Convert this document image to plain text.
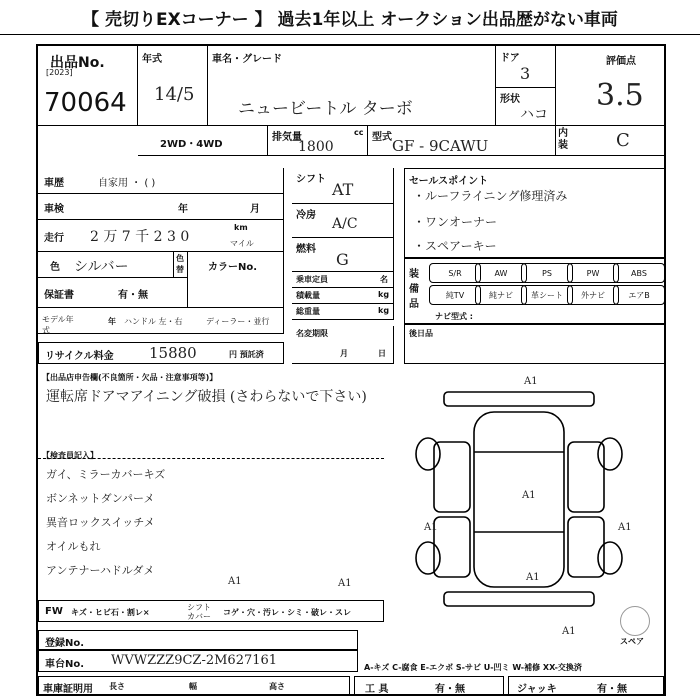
【 売切りEXコーナー 】 過去1年以上 オークション出品歴がない車両
出品No.
[2023]
70064
年式
14/5
車名・グレード
ニュービートル ターボ
ドア
3
形状
ハコ
評価点
3.5
2WD・4WD
排気量	cc
1800
型式 GF - 9CAWU
内装	C
車歴	自家用 ・ ( )
車検	年	月
走行 2 万 7 千 2 3 0
km
マイル
色 シルバー
色替 カラーNo.
保証書	有・無
モデル年式
年 ハンドル 左・右	ディーラー・並行
リサイクル料金 15880	円 預託済
シフト
AT
冷房
A/C
燃料
G
乗車定員	名
積載量	kg
総重量	kg
名変期限
月	日
セールスポイント
・ルーフライニング修理済み
・ワンオーナー
・スペアーキー
装備品
S/R	AW	PS	PW	ABS
純TV	純ナビ	革シート	外ナビ	エアB
ナビ型式 :
後日品
【出品店申告欄(不良箇所・欠品・注意事項等)】
運転席ドアマアイニング破損 (さわらないで下さい)
【検査員記入】
ガイ、ミラーカバーキズ
ボンネットダンパーメ
異音ロックスイッチメ
オイルもれ
アンテナーハドルダメ
A1
A1
A1	A1
A1
A1
A1
A1
スペア
FW キズ・ヒビ石・割レ×
シフトカバー	コゲ・穴・汚レ・シミ・破レ・スレ
登録No.
車台No. WVWZZZ9CZ-2M627161	A-キズ C-腐食 E-エクボ S-サビ U-凹ミ W-補修 XX-交換済
車庫証明用 長さ	幅	高さ	工 具	有・無	ジャッキ	有・無
